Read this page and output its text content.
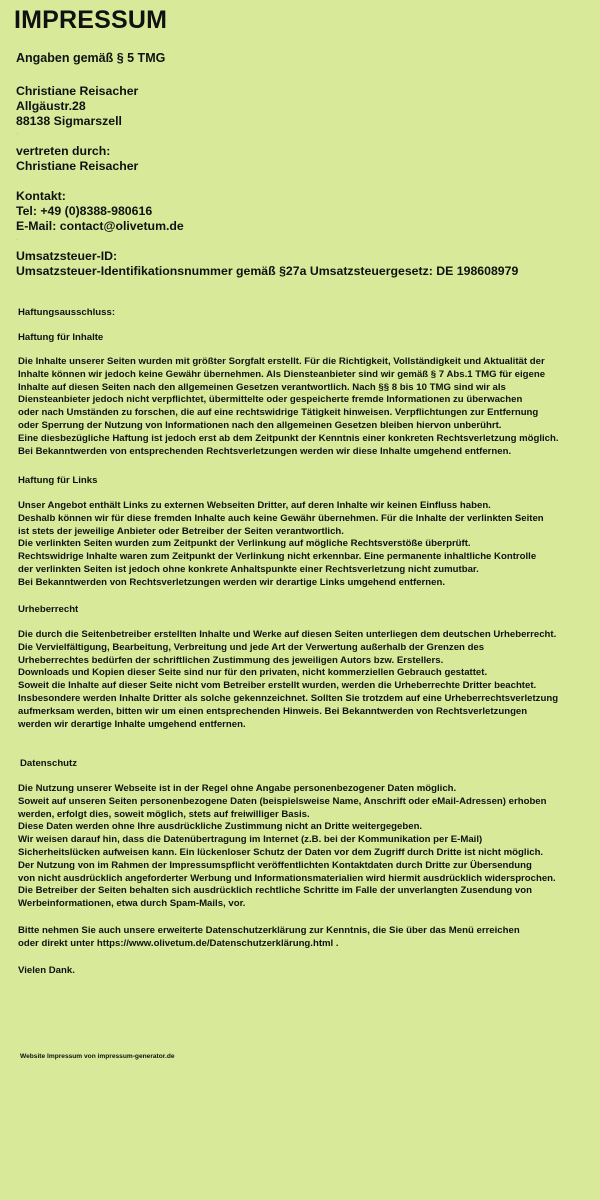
IMPRESSUM
Angaben gemäß § 5 TMG
Christiane Reisacher
Allgäustr.28
88138 Sigmarszell
·
vertreten durch:
Christiane Reisacher
Kontakt:
Tel: +49 (0)8388-980616
E-Mail: contact@olivetum.de
·
Umsatzsteuer-ID:
Umsatzsteuer-Identifikationsnummer gemäß §27a Umsatzsteuergesetz: DE 198608979
Haftungsausschluss:
Haftung für Inhalte
Die Inhalte unserer Seiten wurden mit größter Sorgfalt erstellt. Für die Richtigkeit, Vollständigkeit und Aktualität der
Inhalte können wir jedoch keine Gewähr übernehmen. Als Diensteanbieter sind wir gemäß § 7 Abs.1 TMG für eigene
Inhalte auf diesen Seiten nach den allgemeinen Gesetzen verantwortlich. Nach §§ 8 bis 10 TMG sind wir als
Diensteanbieter jedoch nicht verpflichtet, übermittelte oder gespeicherte fremde Informationen zu überwachen
oder nach Umständen zu forschen, die auf eine rechtswidrige Tätigkeit hinweisen. Verpflichtungen zur Entfernung
oder Sperrung der Nutzung von Informationen nach den allgemeinen Gesetzen bleiben hiervon unberührt.
Eine diesbezügliche Haftung ist jedoch erst ab dem Zeitpunkt der Kenntnis einer konkreten Rechtsverletzung möglich.
Bei Bekanntwerden von entsprechenden Rechtsverletzungen werden wir diese Inhalte umgehend entfernen.
Haftung für Links
Unser Angebot enthält Links zu externen Webseiten Dritter, auf deren Inhalte wir keinen Einfluss haben.
Deshalb können wir für diese fremden Inhalte auch keine Gewähr übernehmen. Für die Inhalte der verlinkten Seiten
ist stets der jeweilige Anbieter oder Betreiber der Seiten verantwortlich.
Die verlinkten Seiten wurden zum Zeitpunkt der Verlinkung auf mögliche Rechtsverstöße überprüft.
Rechtswidrige Inhalte waren zum Zeitpunkt der Verlinkung nicht erkennbar. Eine permanente inhaltliche Kontrolle
der verlinkten Seiten ist jedoch ohne konkrete Anhaltspunkte einer Rechtsverletzung nicht zumutbar.
Bei Bekanntwerden von Rechtsverletzungen werden wir derartige Links umgehend entfernen.
Urheberrecht
Die durch die Seitenbetreiber erstellten Inhalte und Werke auf diesen Seiten unterliegen dem deutschen Urheberrecht.
Die Vervielfältigung, Bearbeitung, Verbreitung und jede Art der Verwertung außerhalb der Grenzen des
Urheberrechtes bedürfen der schriftlichen Zustimmung des jeweiligen Autors bzw. Erstellers.
Downloads und Kopien dieser Seite sind nur für den privaten, nicht kommerziellen Gebrauch gestattet.
Soweit die Inhalte auf dieser Seite nicht vom Betreiber erstellt wurden, werden die Urheberrechte Dritter beachtet.
Insbesondere werden Inhalte Dritter als solche gekennzeichnet. Sollten Sie trotzdem auf eine Urheberrechtsverletzung
aufmerksam werden, bitten wir um einen entsprechenden Hinweis. Bei Bekanntwerden von Rechtsverletzungen
werden wir derartige Inhalte umgehend entfernen.
Datenschutz
Die Nutzung unserer Webseite ist in der Regel ohne Angabe personenbezogener Daten möglich.
Soweit auf unseren Seiten personenbezogene Daten (beispielsweise Name, Anschrift oder eMail-Adressen) erhoben
werden, erfolgt dies, soweit möglich, stets auf freiwilliger Basis.
Diese Daten werden ohne Ihre ausdrückliche Zustimmung nicht an Dritte weitergegeben.
Wir weisen darauf hin, dass die Datenübertragung im Internet (z.B. bei der Kommunikation per E-Mail)
Sicherheitslücken aufweisen kann. Ein lückenloser Schutz der Daten vor dem Zugriff durch Dritte ist nicht möglich.
Der Nutzung von im Rahmen der Impressumspflicht veröffentlichten Kontaktdaten durch Dritte zur Übersendung
von nicht ausdrücklich angeforderter Werbung und Informationsmaterialien wird hiermit ausdrücklich widersprochen.
Die Betreiber der Seiten behalten sich ausdrücklich rechtliche Schritte im Falle der unverlangten Zusendung von
Werbeinformationen, etwa durch Spam-Mails, vor.
Bitte nehmen Sie auch unsere erweiterte Datenschutzerklärung zur Kenntnis, die Sie über das Menü erreichen
oder direkt unter https://www.olivetum.de/Datenschutzerklärung.html .
Vielen Dank.
Website Impressum von impressum-generator.de
